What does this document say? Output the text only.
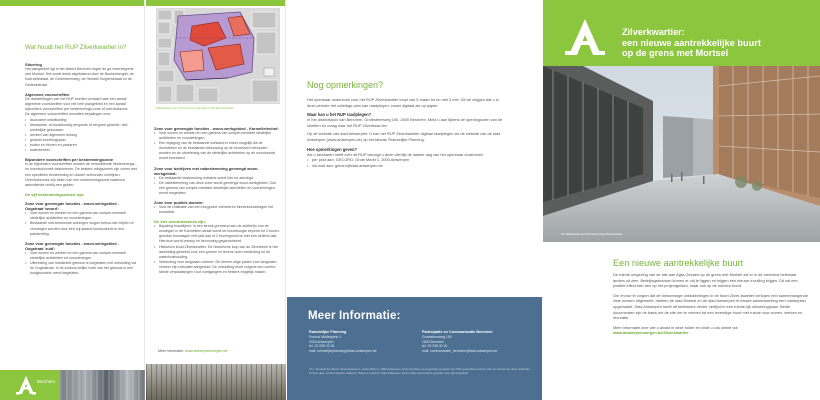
Wat houdt het RUP Zilverkwartier in?
Situering
Het plangebied ligt in het district Berchem tegen de ge-meentegrens met Mortsel. Het wordt deels afgebakend door de Boekenberglei, de Kaerveldstraat, de Grotesteenweg, de Hendrik Kuijpersstraat en de Gedenkstraat.
Algemene voorschriften
De doelstellingen van het RUP worden vertaald naar een aantal algemene voorschriften voor het hele plangebied en een aantal bijzondere voorschriften per bestemmings-zone of overdrukzone.
De algemene voorschriften omvatten bepalingen over:
• duurzame ontwikkeling
• bestaande, al bouwkundig vergunde of vergund geachte, niet-werkelijke gebouwen
• werken van algemeen belang
• globale inrichtingsplan
• buiten en binnen en parkeren
• waterbeheer
Bijzondere voorschriften per bestemmingszone
In de bijzondere voorschriften worden de verschillende bestemmings- en overdrukzones beschreven. De bestem-mingszones zijn zones met een specifieke bestemming en duiden verbonden richtlijnen. Overdrukzones zijn delen van een bestemmingszone waarvoor aanvullende richtlij-nen gelden.
De vijf bestemmingszones zijn:
Zone voor gemengde functies - woon-werkgebied - Oogstraat 'woord':
• Voor wonen en werken en een gamma van comple-mentaire stedelijke activiteiten en voorzieningen.
• Bestaande niet-bewoonde woningen mogen behou-den blijven of vervangen worden door één vrij-staand bouwvolume in een parkachting.
Zone voor gemengde functies - woon-werkgebied - Oogstraat 'zuid':
• Voor wonen en werken en een gamma van comple-mentaire stedelijke activiteiten en voorzieningen.
• Uitbreiding van industrieel gebouw is toegelaten met ontsluiting via de Oogststraat. In de zuidoos-telijke hoek van het gebouw is een hoogbouwele-ment toegelaten.
Berchem
Plangebied van het bestemmingsplan RUP Zilverkwartier
Zone voor gemengde functies - woon-werkgebied - Karmelietenhof:
• Voor wonen en werken en een gamma van comple-mentaire stedelijke activiteiten en voorzieningen.
• Een wijziging van de bestaande toestand is enkel-mogelijk als de doorsteken en de bestaande bebouwing op de bouwvorm behouden worden en de uitoefening van de stedelijke activiteiten op de woonfunctie wordt verzekerd.
Zone voor bedrijven met nabestemming gemengd woon-werkgebied:
• De bestaande bestemming industrie wordt hier be-stendigd.
• De nabestemming van deze zone wordt gemengd woon-werkgebied. Ook een gamma van comple-mentaire stedelijke activiteiten en voorzieningen wordt toegelaten.
Zone voor publiek domein:
• Voor de realisatie van een borgpuine verbeteren binnenbouwdragen het bouwblok.
De vier overdrukzones zijn:
• Bepaling bouwlijnen: in een strook grenzend aan de achterlijn van de woningen in de Karmeliten-straat wordt de bouwhoogte beperkt tot 3 boven-grondse bouwlagen met plat dak of 2 bovengrond-se met een hellend dak. Hierdoor wordt privacy en bezonning gegarandeerd.
• Historisch kruid Zilverkwartier: De historische loop van de Zilverbeek is hier aanleiding geweest voor een groene en tevens open verbinding tot de waterhuishouding.
• Verbinding voor langzaam verkeer: De bemen-stige paden voor langzaam verkeer zijn indicatief aangeduid. De ontsluiting moet volgens een comfor-tabele verplaatsingen voor voetgangers en fietsers mogelijk maken.
Meer informatie: www.antwerpenmorgen.be
Nog opmerkingen?
Het openbaar onderzoek voor het RUP Zilverkwartier loopt van 5 maart tot en met 3 mei. Dit wil zeggen dat u in deze periode het volledige plan kan raadplegen, zowel digitaal als op papier.
Waar kan u het RUP raadplegen?
In het districtshuis van Berchem, Grotesteenweg 150, 2600 Berchem. Meld u aan tijdens de openingsuren van de loketten en vraag naar het RUP Zilverkwar-tier.
Op de website van stad Antwerpen: U kan het RUP Zilverkwartier digitaal raadplegen via de website van de stad Antwerpen (www.antwerpen.be) op het tabvak 'Ruimtelijke Planning'.
Hoe opmerkingen geven?
Als u bezwaren heeft over dit RUP bezorgt u deze uiterlijk de laatste dag van het openbaar onderzoek:
• per post aan: GECORO, Grote Markt 1, 2000 Antwerpen
• via mail aan: gecoro@stad.antwerpen.be
Meer Informatie:
Ruimtelijke Planning
Francis Wellesplein 1
2018 Antwerpen
tel. 03 338 23 36
mail: ruimtelijkeplanning@stad.antwerpen.be
Participatie en Communicatie Berchem
Grotesteenweg 150
2600 Berchem
tel. 03 338 30 16
mail: communicatie_berchem@stad.antwerpen.be
V.U.: Frederik De Wever, Stad Antwerpen, Grote Markt 1, 2000 Antwerpen. Deze brochure werd gedrukt op papier van FSC-gecertificeerd hout. Aan de inhoud van deze publicatie kunnen geen rechten worden ontleend. Tekst en ontwerp: Stad Antwerpen. Deze folder werd met de grootste zorg samengesteld.
Zilverkwartier:
een nieuwe aantrekkelijke buurt
op de grens met Mortsel
Simulatiebeeld van het toekomstige Zilverkwartier
Een nieuwe aantrekkelijke buurt
De ruimte omgeving van de site aan Agfa-Gevaert op de grens met Mortsel zal er in de toekomst helemaal anders uit zien. Bedrijfsgebouwen komen er vrij te liggen en krijgen een nieuwe invulling krijgen. Dit zal een positief effect heb-ben op het projectgebied, maar ook op de ruimere buurt.
Om ervoor te zorgen dat de toekomstige ontwikkelingen in de buurt Zilver-kwartier verlopen een samenhangende visie worden uitgewerkt, hebben de stad Mortsel en de stad Antwerpen in nauwe samenwerking een masterplan opgemaakt. Stad Antwerpen heeft dit beeldwerk verder verfijnd in een ruimte-lijk uitvoeringsplan. Beide documenten zijn de basis om de site om te vormen tot een levendige buurt met ruimte voor wonen, werken en recreatie.
Meer informatie over wie u alvast in deze folder en vindt u ook online via: www.antwerpenmorgen.be/Zilverkwartier
